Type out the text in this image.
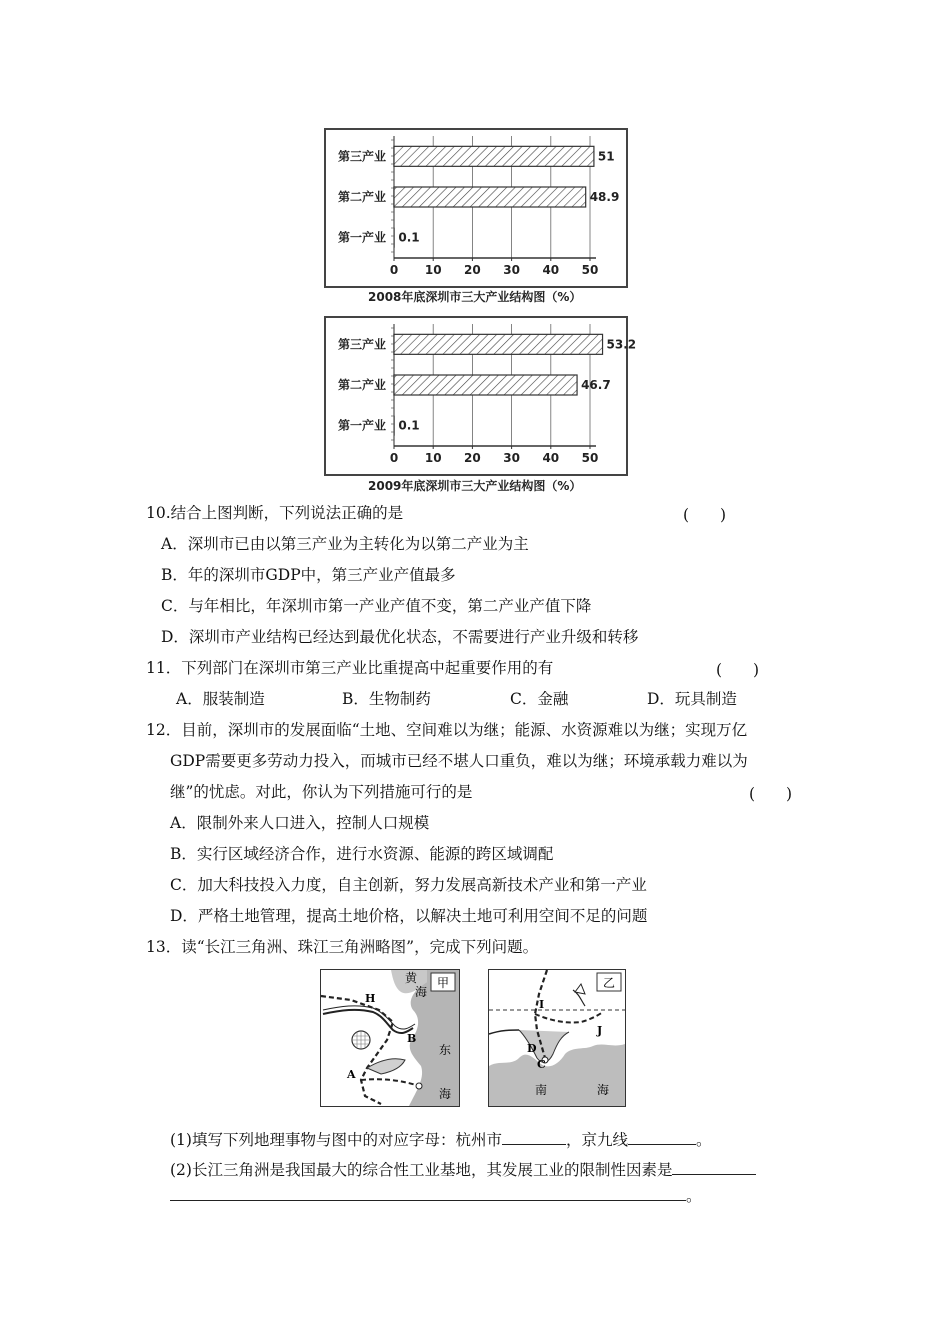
0 10 20 30 40 50
第三产业	51
第二产业	48.9
第一产业 0.1
2008年底深圳市三大产业结构图（%）
0 10 20 30 40 50
第三产业	53.2
第二产业	46.7
第一产业 0.1
2009年底深圳市三大产业结构图（%）
10.结合上图判断，下列说法正确的是	(　　)
A．深圳市已由以第三产业为主转化为以第二产业为主
B．年的深圳市GDP中，第三产业产值最多
C．与年相比，年深圳市第一产业产值不变，第二产业产值下降
D．深圳市产业结构已经达到最优化状态，不需要进行产业升级和转移
11．下列部门在深圳市第三产业比重提高中起重要作用的有	(　　)
A．服装制造	B．生物制药	C．金融	D．玩具制造
12．目前，深圳市的发展面临“土地、空间难以为继；能源、水资源难以为继；实现万亿
GDP需要更多劳动力投入，而城市已经不堪人口重负，难以为继；环境承载力难以为
继”的忧虑。对此，你认为下列措施可行的是	(　　)
A．限制外来人口进入，控制人口规模
B．实行区域经济合作，进行水资源、能源的跨区域调配
C．加大科技投入力度，自主创新，努力发展高新技术产业和第一产业
D．严格土地管理，提高土地价格，以解决土地可利用空间不足的问题
13．读“长江三角洲、珠江三角洲略图”，完成下列问题。
甲
黄
海
东
海
H
B
A
乙
I
J
D
C
南	海
(1)填写下列地理事物与图中的对应字母：杭州市	，京九线	。
(2)长江三角洲是我国最大的综合性工业基地，其发展工业的限制性因素是
。
